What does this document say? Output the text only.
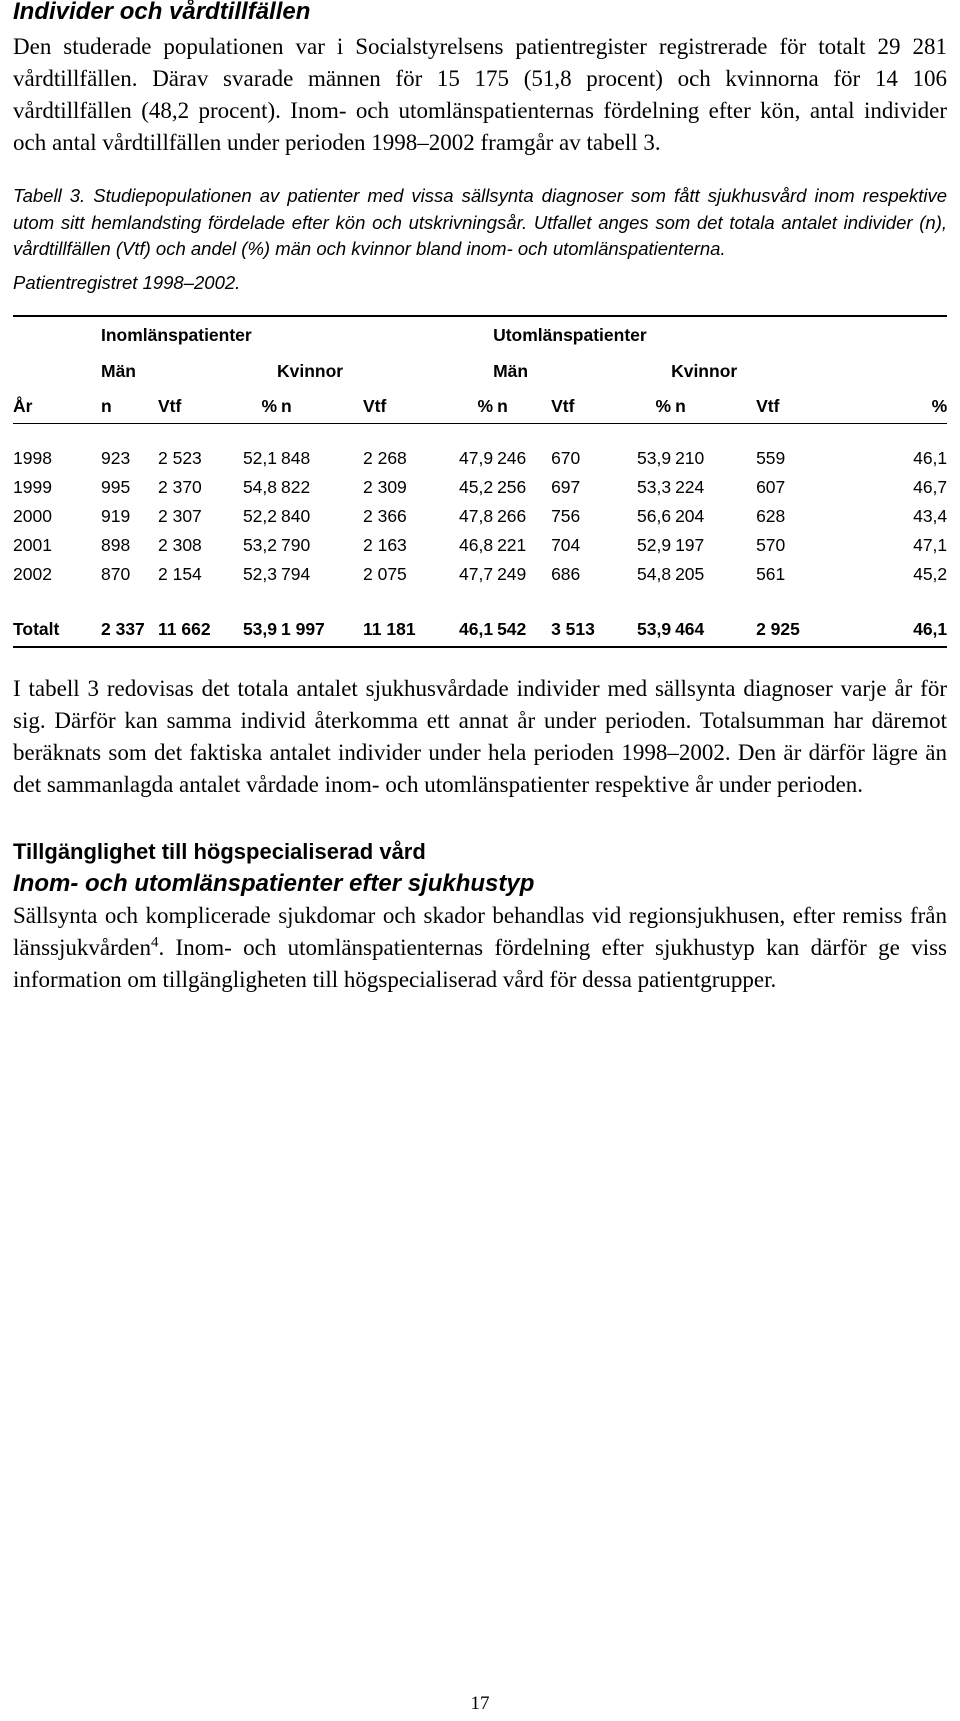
Individer och vårdtillfällen

Den studerade populationen var i Socialstyrelsens patientregister registrerade för totalt 29 281 vårdtillfällen. Därav svarade männen för 15 175 (51,8 procent) och kvinnorna för 14 106 vårdtillfällen (48,2 procent). Inom- och utomlänspatienternas fördelning efter kön, antal individer och antal vårdtillfällen under perioden 1998–2002 framgår av tabell 3.

Tabell 3. Studiepopulationen av patienter med vissa sällsynta diagnoser som fått sjukhusvård inom respektive utom sitt hemlandsting fördelade efter kön och utskrivningsår. Utfallet anges som det totala antalet individer (n), vårdtillfällen (Vtf) och andel (%) män och kvinnor bland inom- och utomlänspatienterna.

Patientregistret 1998–2002.

	Inomlänspatienter						Utomlänspatienter					
	Män			Kvinnor			Män			Kvinnor		
År	n	Vtf	%	n	Vtf	%	n	Vtf	%	n	Vtf	%

1998	923	2 523	52,1	848	2 268	47,9	246	670	53,9	210	559	46,1
1999	995	2 370	54,8	822	2 309	45,2	256	697	53,3	224	607	46,7
2000	919	2 307	52,2	840	2 366	47,8	266	756	56,6	204	628	43,4
2001	898	2 308	53,2	790	2 163	46,8	221	704	52,9	197	570	47,1
2002	870	2 154	52,3	794	2 075	47,7	249	686	54,8	205	561	45,2

Totalt	2 337	11 662	53,9	1 997	11 181	46,1	542	3 513	53,9	464	2 925	46,1

I tabell 3 redovisas det totala antalet sjukhusvårdade individer med sällsynta diagnoser varje år för sig. Därför kan samma individ återkomma ett annat år under perioden. Totalsumman har däremot beräknats som det faktiska antalet individer under hela perioden 1998–2002. Den är därför lägre än det sammanlagda antalet vårdade inom- och utomlänspatienter respektive år under perioden.

Tillgänglighet till högspecialiserad vård
Inom- och utomlänspatienter efter sjukhustyp

Sällsynta och komplicerade sjukdomar och skador behandlas vid regionsjukhusen, efter remiss från länssjukvården$^4$. Inom- och utomlänspatienternas fördelning efter sjukhustyp kan därför ge viss information om tillgängligheten till högspecialiserad vård för dessa patientgrupper.

17
